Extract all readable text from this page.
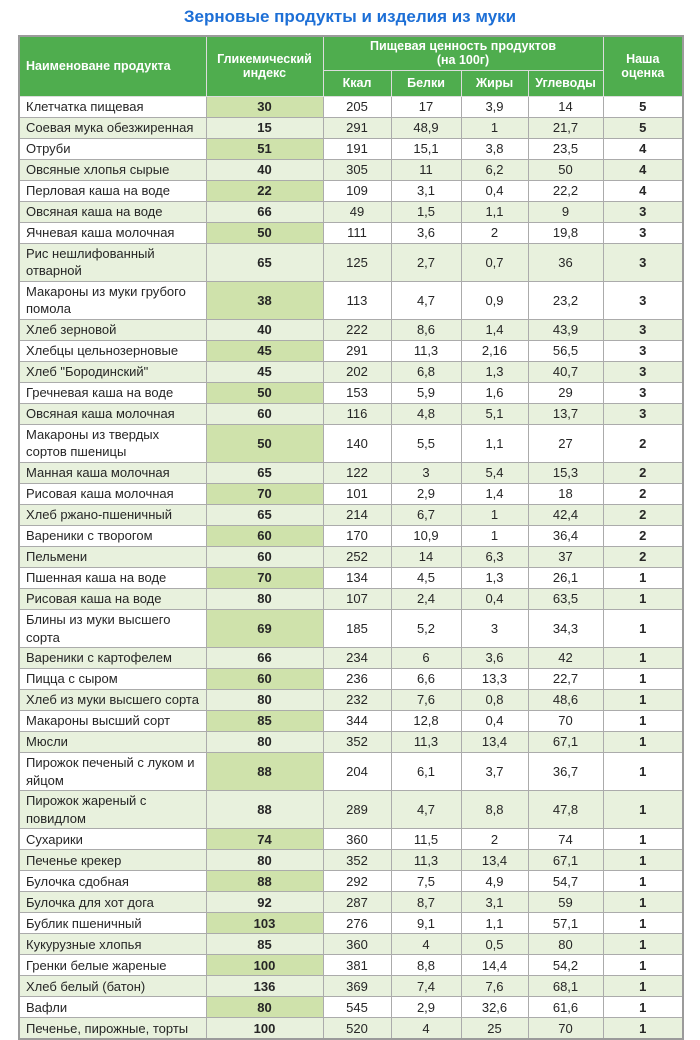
Зерновые продукты и изделия из муки
Наименоване продукта	Гликемический индекс	Пищевая ценность продуктов
(на 100г)				Наша оценка
		Ккал	Белки	Жиры	Углеводы	
Клетчатка пищевая	30	205	17	3,9	14	5
Соевая мука обезжиренная	15	291	48,9	1	21,7	5
Отруби	51	191	15,1	3,8	23,5	4
Овсяные хлопья сырые	40	305	11	6,2	50	4
Перловая каша на воде	22	109	3,1	0,4	22,2	4
Овсяная каша на воде	66	49	1,5	1,1	9	3
Ячневая каша молочная	50	111	3,6	2	19,8	3
Рис нешлифованный отварной	65	125	2,7	0,7	36	3
Макароны из муки грубого помола	38	113	4,7	0,9	23,2	3
Хлеб зерновой	40	222	8,6	1,4	43,9	3
Хлебцы цельнозерновые	45	291	11,3	2,16	56,5	3
Хлеб "Бородинский"	45	202	6,8	1,3	40,7	3
Гречневая каша на воде	50	153	5,9	1,6	29	3
Овсяная каша молочная	60	116	4,8	5,1	13,7	3
Макароны из твердых сортов пшеницы	50	140	5,5	1,1	27	2
Манная каша молочная	65	122	3	5,4	15,3	2
Рисовая каша молочная	70	101	2,9	1,4	18	2
Хлеб ржано-пшеничный	65	214	6,7	1	42,4	2
Вареники с творогом	60	170	10,9	1	36,4	2
Пельмени	60	252	14	6,3	37	2
Пшенная каша на воде	70	134	4,5	1,3	26,1	1
Рисовая каша на воде	80	107	2,4	0,4	63,5	1
Блины из муки высшего сорта	69	185	5,2	3	34,3	1
Вареники с картофелем	66	234	6	3,6	42	1
Пицца с сыром	60	236	6,6	13,3	22,7	1
Хлеб из муки высшего сорта	80	232	7,6	0,8	48,6	1
Макароны высший сорт	85	344	12,8	0,4	70	1
Мюсли	80	352	11,3	13,4	67,1	1
Пирожок печеный с луком и яйцом	88	204	6,1	3,7	36,7	1
Пирожок жареный с повидлом	88	289	4,7	8,8	47,8	1
Сухарики	74	360	11,5	2	74	1
Печенье крекер	80	352	11,3	13,4	67,1	1
Булочка сдобная	88	292	7,5	4,9	54,7	1
Булочка для хот дога	92	287	8,7	3,1	59	1
Бублик пшеничный	103	276	9,1	1,1	57,1	1
Кукурузные хлопья	85	360	4	0,5	80	1
Гренки белые жареные	100	381	8,8	14,4	54,2	1
Хлеб белый (батон)	136	369	7,4	7,6	68,1	1
Вафли	80	545	2,9	32,6	61,6	1
Печенье, пирожные, торты	100	520	4	25	70	1
